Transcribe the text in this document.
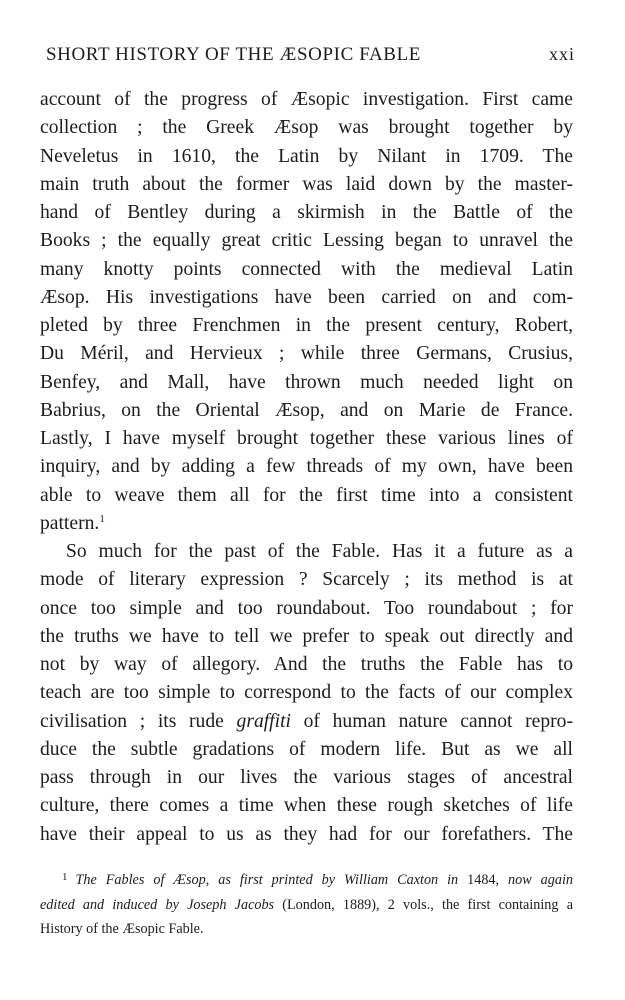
SHORT HISTORY OF THE ÆSOPIC FABLE	xxi
account of the progress of Æsopic investigation. First came
collection ; the Greek Æsop was brought together by
Neveletus in 1610, the Latin by Nilant in 1709. The
main truth about the former was laid down by the master-
hand of Bentley during a skirmish in the Battle of the
Books ; the equally great critic Lessing began to unravel the
many knotty points connected with the medieval Latin
Æsop. His investigations have been carried on and com-
pleted by three Frenchmen in the present century, Robert,
Du Méril, and Hervieux ; while three Germans, Crusius,
Benfey, and Mall, have thrown much needed light on
Babrius, on the Oriental Æsop, and on Marie de France.
Lastly, I have myself brought together these various lines of
inquiry, and by adding a few threads of my own, have been
able to weave them all for the first time into a consistent
pattern.$^1$
So much for the past of the Fable. Has it a future as a
mode of literary expression ? Scarcely ; its method is at
once too simple and too roundabout. Too roundabout ; for
the truths we have to tell we prefer to speak out directly and
not by way of allegory. And the truths the Fable has to
teach are too simple to correspond to the facts of our complex
civilisation ; its rude graffiti of human nature cannot repro-
duce the subtle gradations of modern life. But as we all
pass through in our lives the various stages of ancestral
culture, there comes a time when these rough sketches of life
have their appeal to us as they had for our forefathers. The
$^1$ The Fables of Æsop, as first printed by William Caxton in 1484, now again
edited and induced by Joseph Jacobs (London, 1889), 2 vols., the first containing a
History of the Æsopic Fable.
